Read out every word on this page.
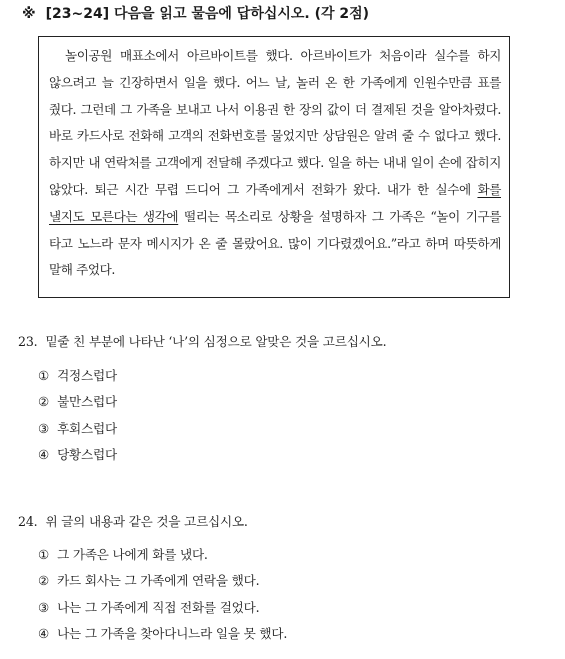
※ [23~24] 다음을 읽고 물음에 답하십시오. (각 2점)
놀이공원 매표소에서 아르바이트를 했다. 아르바이트가 처음이라 실수를 하지 않으려고 늘 긴장하면서 일을 했다. 어느 날, 놀러 온 한 가족에게 인원수만큼 표를 줬다. 그런데 그 가족을 보내고 나서 이용권 한 장의 값이 더 결제된 것을 알아차렸다. 바로 카드사로 전화해 고객의 전화번호를 물었지만 상담원은 알려 줄 수 없다고 했다. 하지만 내 연락처를 고객에게 전달해 주겠다고 했다. 일을 하는 내내 일이 손에 잡히지 않았다. 퇴근 시간 무렵 드디어 그 가족에게서 전화가 왔다. 내가 한 실수에 화를 낼지도 모른다는 생각에 떨리는 목소리로 상황을 설명하자 그 가족은 “놀이 기구를 타고 노느라 문자 메시지가 온 줄 몰랐어요. 많이 기다렸겠어요.”라고 하며 따뜻하게 말해 주었다.
23. 밑줄 친 부분에 나타난 ‘나’의 심정으로 알맞은 것을 고르십시오.
① 걱정스럽다
② 불만스럽다
③ 후회스럽다
④ 당황스럽다
24. 위 글의 내용과 같은 것을 고르십시오.
① 그 가족은 나에게 화를 냈다.
② 카드 회사는 그 가족에게 연락을 했다.
③ 나는 그 가족에게 직접 전화를 걸었다.
④ 나는 그 가족을 찾아다니느라 일을 못 했다.
